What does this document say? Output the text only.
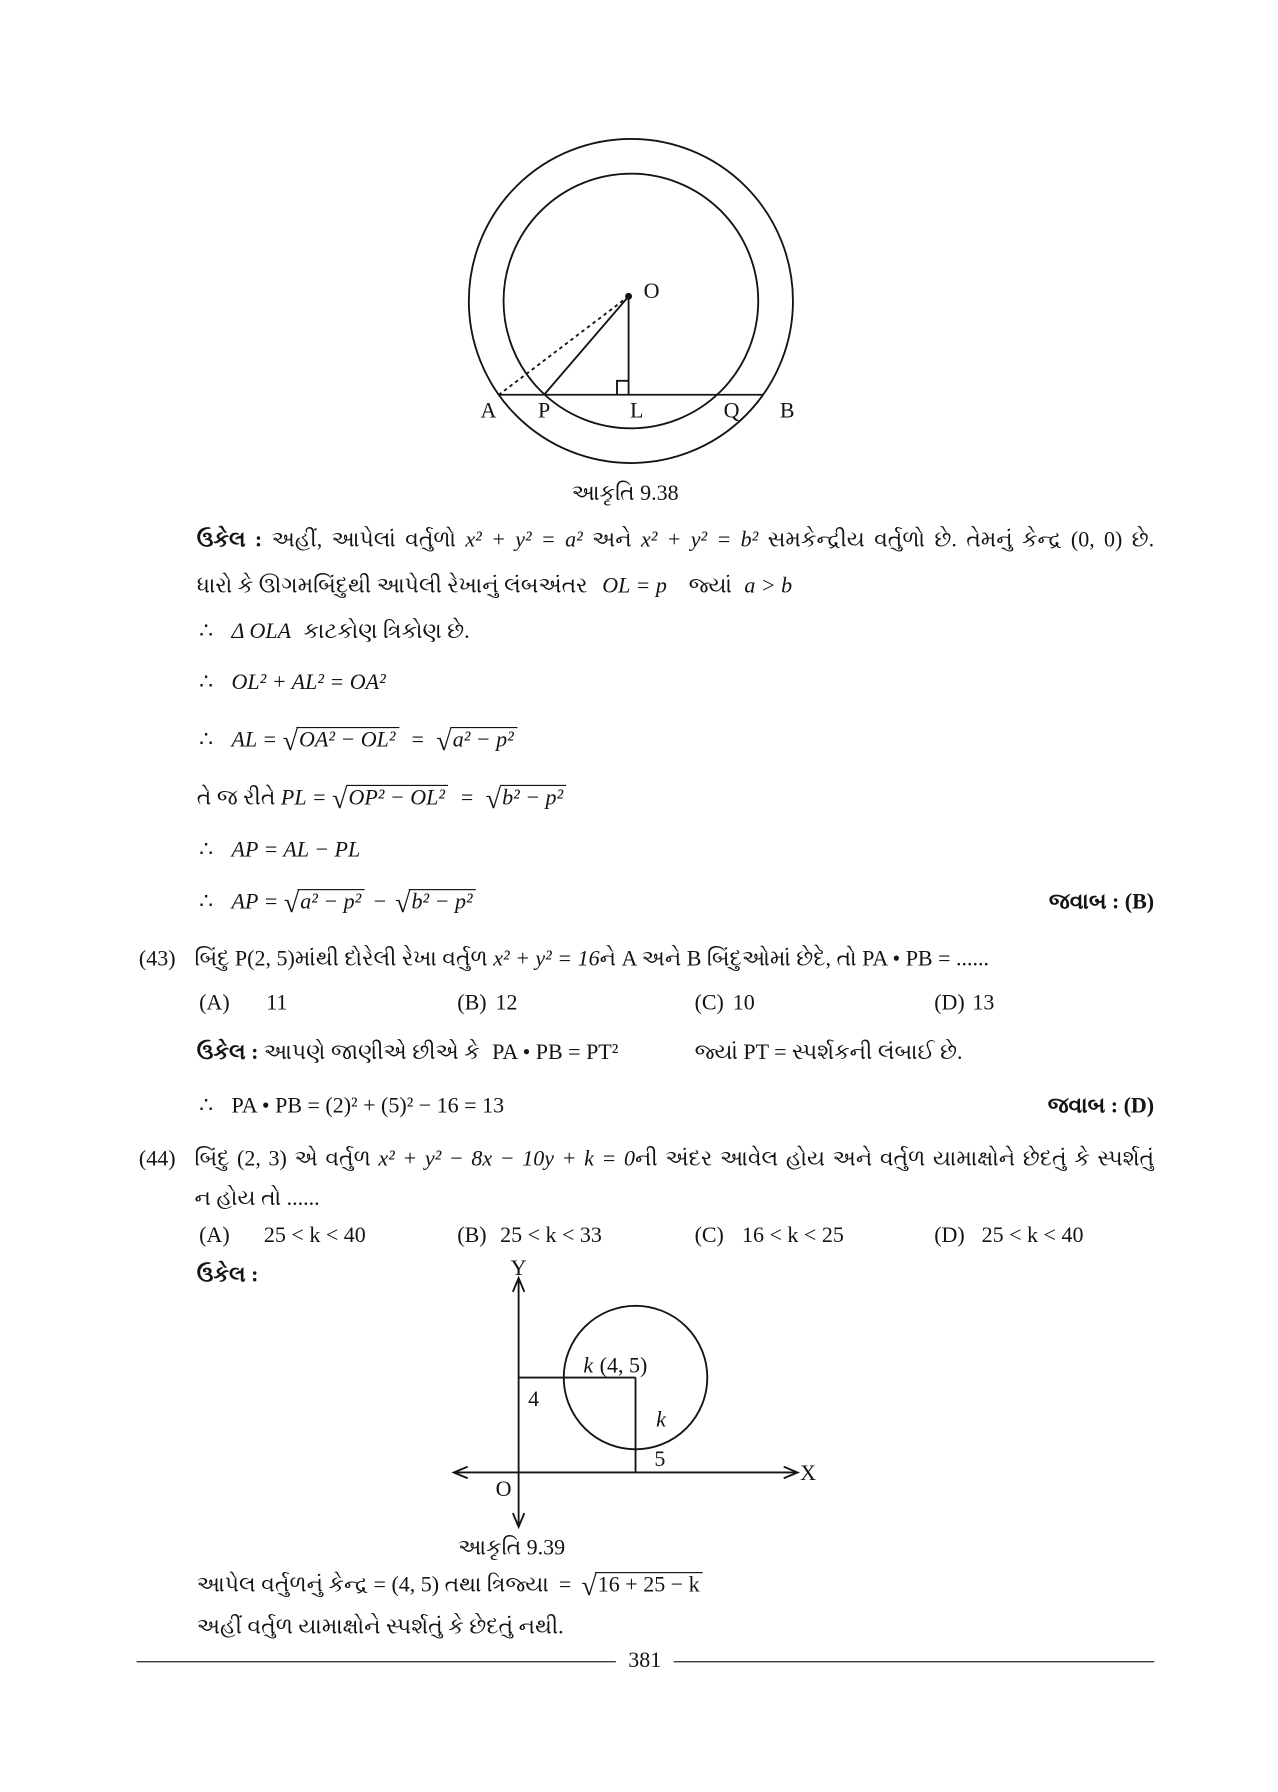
O
A P	L	Q B
આકૃતિ 9.38
ઉકેલ : અહીં, આપેલાં વર્તુળો x² + y² = a² અને x² + y² = b² સમકેન્દ્રીય વર્તુળો છે. તેમનું કેન્દ્ર (0, 0) છે.
ધારો કે ઊગમબિંદુથી આપેલી રેખાનું લંબઅંતર OL = p જ્યાં a > b
∴ Δ OLA કાટકોણ ત્રિકોણ છે.
∴ OL² + AL² = OA²
∴ AL = √ OA² − OL² = √ a² − p²
તે જ રીતે PL = √ OP² − OL² = √ b² − p²
∴ AP = AL − PL
∴ AP = √ a² − p² − √ b² − p²	જવાબ : (B)
(43) બિંદુ P(2, 5)માંથી દોરેલી રેખા વર્તુળ x² + y² = 16ને A અને B બિંદુઓમાં છેદે, તો PA • PB = ......
(A) 11	(B) 12	(C) 10	(D) 13
ઉકેલ : આપણે જાણીએ છીએ કે PA • PB = PT²	જ્યાં PT = સ્પર્શકની લંબાઈ છે.
∴ PA • PB = (2)² + (5)² − 16 = 13	જવાબ : (D)
(44) બિંદુ (2, 3) એ વર્તુળ x² + y² − 8x − 10y + k = 0ની અંદર આવેલ હોય અને વર્તુળ યામાક્ષોને છેદતું કે સ્પર્શતું
ન હોય તો ......
(A) 25 < k < 40	(B) 25 < k < 33	(C) 16 < k < 25	(D) 25 < k < 40
ઉકેલ :	Y
X
O
k (4, 5)
4
k
5
આકૃતિ 9.39
આપેલ વર્તુળનું કેન્દ્ર = (4, 5) તથા ત્રિજ્યા = √ 16 + 25 − k
અહીં વર્તુળ યામાક્ષોને સ્પર્શતું કે છેદતું નથી.
381
